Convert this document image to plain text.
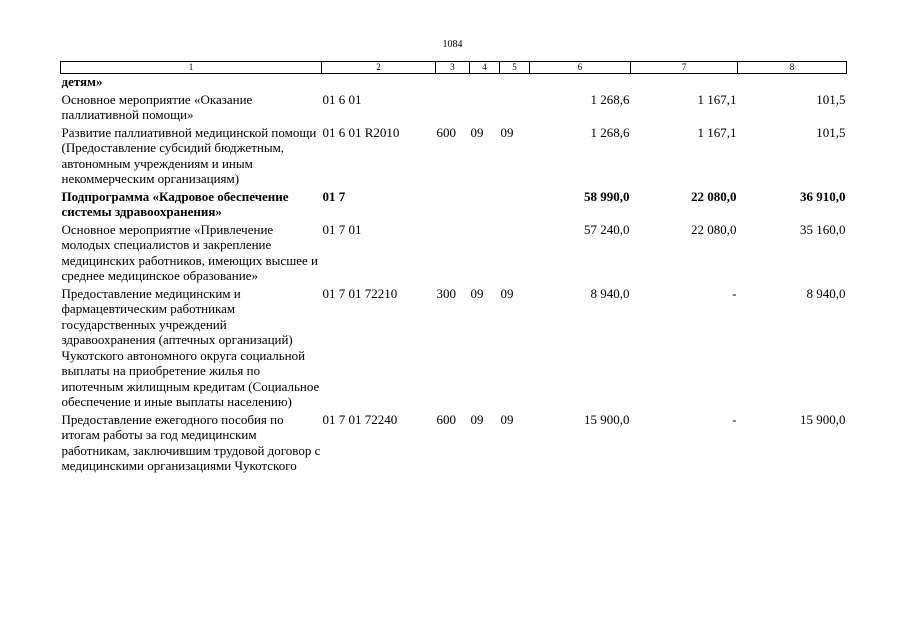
1084
1	2	3	4	5	6	7	8
детям»							
Основное мероприятие «Оказание паллиативной помощи»	01 6 01				1 268,6	1 167,1	101,5
Развитие паллиативной медицинской помощи (Предоставление субсидий бюджетным, автономным учреждениям и иным некоммерческим организациям)	01 6 01 R2010	600	09	09	1 268,6	1 167,1	101,5
Подпрограмма «Кадровое обеспечение системы здравоохранения»	01 7				58 990,0	22 080,0	36 910,0
Основное мероприятие «Привлечение молодых специалистов и закрепление медицинских работников, имеющих высшее и среднее медицинское образование»	01 7 01				57 240,0	22 080,0	35 160,0
Предоставление медицинским и фармацевтическим работникам государственных учреждений здравоохранения (аптечных организаций) Чукотского автономного округа социальной выплаты на приобретение жилья по ипотечным жилищным кредитам (Социальное обеспечение и иные выплаты населению)	01 7 01 72210	300	09	09	8 940,0	-	8 940,0
Предоставление ежегодного пособия по итогам работы за год медицинским работникам, заключившим трудовой договор с медицинскими организациями Чукотского	01 7 01 72240	600	09	09	15 900,0	-	15 900,0
